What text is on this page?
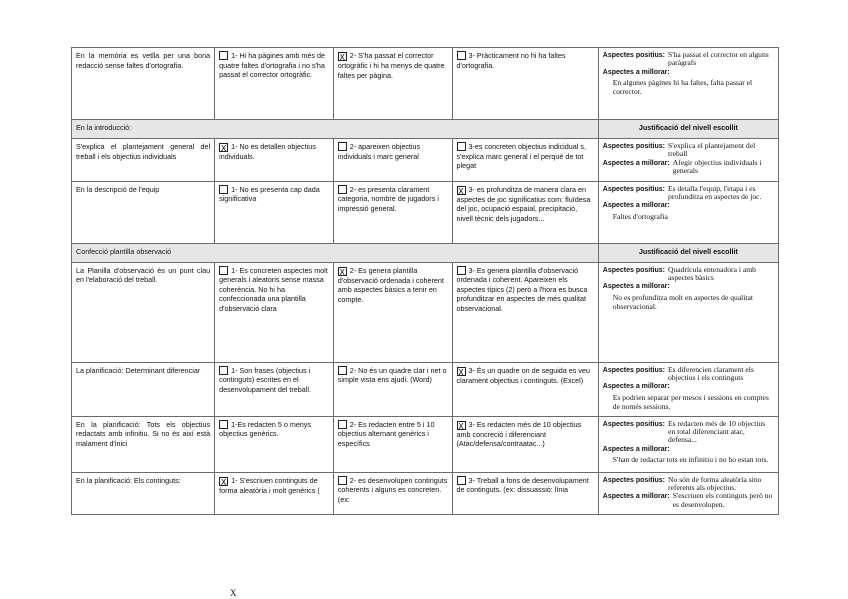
En la memòria es vetlla per una bona redacció sense faltes d'ortografia.	1- Hi ha pàgines amb més de quatre faltes d'ortografia i no s'ha passat el corrector ortogràfic.	X 2- S'ha passat el corrector ortogràfic i hi ha menys de quatre faltes per pàgina.	3- Pràcticament no hi ha faltes d'ortografia.	Aspectes positius: S'ha passat el corrector en alguns paràgrafs
Aspectes a millorar:
En algunes pàgines hi ha faltes, falta passar el corrector.

En la introducció:				Justificació del nivell escollit
S'explica el plantejament general del treball i els objectius individuals	X 1- No es detallen objectius individuals.	2- apareixen objectius individuals i marc general	3-es concreten objectius indicidual s, s'explica marc general i el perquè de tot plegat	Aspectes positius: S'explica el plantejament del treball
Aspectes a millorar: Afegir objectius individuals i generals

En la descripció de l'equip	1- No es presenta cap dada significativa	2- es presenta clarament categoria, nombre de jugadors i impressió general.	X 3- es profunditza de manera clara en aspectes de joc significatius com: fluïdesa del joc, ocupació espaial, precipitació, nivell tècnic dels jugadors...	Aspectes positius: Es detalla l'equip, l'etapa i es profunditza en aspectes de joc.
Aspectes a millorar:
Faltes d'ortografia

Confecció plantilla observació				Justificació del nivell escollit
La Planilla d'observació és un punt clau en l'elaboració del treball.	1- Es concreten aspectes molt generals i aleatoris sense massa coherència. No hi ha confeccionada una plantilla d'observació clara	X 2- Es genera plantilla d'observació ordenada i coherent amb aspectes bàsics a tenir en compte.	3- Es genera plantilla d'observació ordenada i coherent. Apareixen els aspectes típics (2) però a l'hora es busca profunditzar en aspectes de més qualitat observacional.	Aspectes positius: Quadrícula entenadora i amb aspectes bàsics
Aspectes a millorar:
No es profunditza molt en aspectes de qualitat observacional.

La planificació: Determinant diferenciar	1- Son frases (objectius i continguts) escrites en el desenvolupament del treball.	2- No és un quadre clar i net o simple vista ens ajudi. (Word)	X 3- És un quadre on de seguida es veu clarament objectius i continguts. (Excel)	Aspectes positius: Es diferencien clarament els objectius i els continguts
Aspectes a millorar:
Es podrien separar per mesos i sessions en comptes de només sessions.

En la planificació: Tots els objectius redactats amb infinitiu. Si no és així està malament d'inici	1-Es redacten 5 o menys objectius genèrics.	2- Es redacten entre 5 i 10 objectius alternant genèrics i específics	X 3- Es redacten més de 10 objectius amb concreció i diferenciant (Atac/defensa/contraatac...)	Aspectes positius: Es redacten més de 10 objectius en total diferenciant atac, defensa...
Aspectes a millorar:
S'han de redactar tots en infinitiu i no ho estan tots.

En la planificació: Els continguts:	X 1- S'escriuen continguts de forma aleatòria i molt genèrics (	2- es desenvolupen continguts coherents i alguns es concreten. (ex:	3- Treball a fons de desenvolupament de continguts. (ex: dissuassió: línia	Aspectes positius: No són de forma aleatòria sino referents als objectius.
Aspectes a millorar: S'escriuen els continguts però no es desenvolupen.
X
